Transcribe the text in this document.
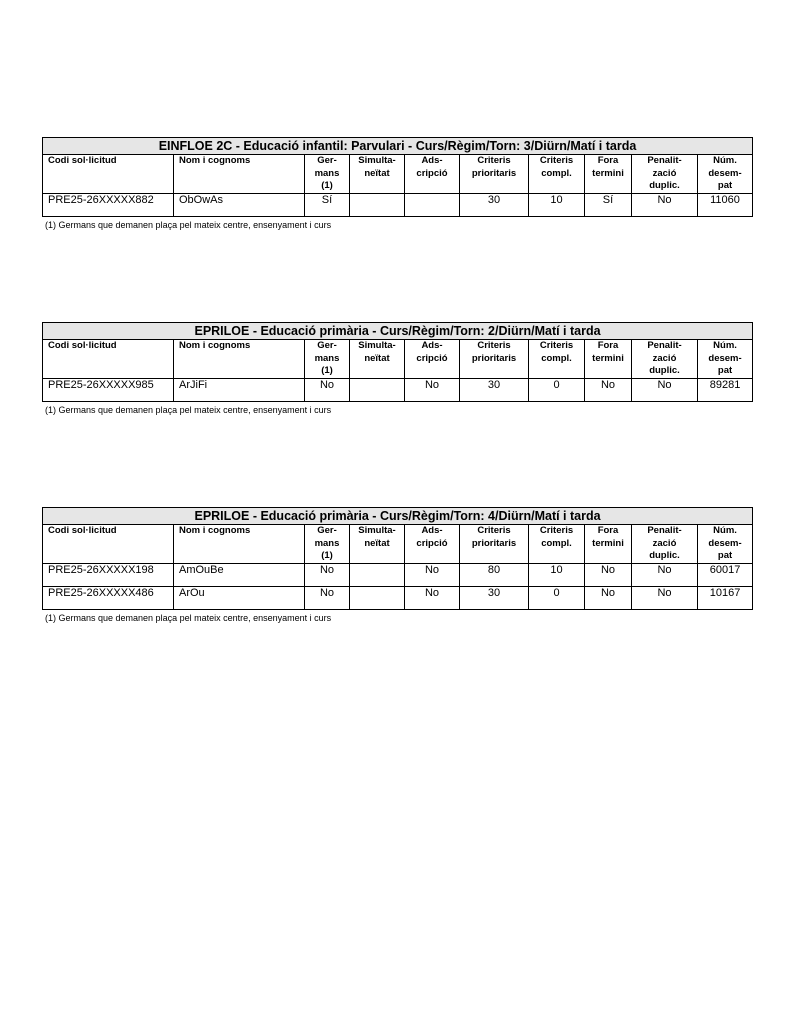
EINFLOE 2C - Educació infantil: Parvulari - Curs/Règim/Torn: 3/Diürn/Matí i tarda									
Codi sol·licitud	Nom i cognoms	Ger-
mans
(1)	Simulta-
neïtat	Ads-
cripció	Criteris
prioritaris	Criteris
compl.	Fora
termini	Penalit-
zació
duplic.	Núm.
desem-
pat
PRE25-26XXXXX882	ObOwAs	Sí			30	10	Sí	No	11060
(1) Germans que demanen plaça pel mateix centre, ensenyament i curs
EPRILOE - Educació primària - Curs/Règim/Torn: 2/Diürn/Matí i tarda									
Codi sol·licitud	Nom i cognoms	Ger-
mans
(1)	Simulta-
neïtat	Ads-
cripció	Criteris
prioritaris	Criteris
compl.	Fora
termini	Penalit-
zació
duplic.	Núm.
desem-
pat
PRE25-26XXXXX985	ArJiFi	No		No	30	0	No	No	89281
(1) Germans que demanen plaça pel mateix centre, ensenyament i curs
EPRILOE - Educació primària - Curs/Règim/Torn: 4/Diürn/Matí i tarda									
Codi sol·licitud	Nom i cognoms	Ger-
mans
(1)	Simulta-
neïtat	Ads-
cripció	Criteris
prioritaris	Criteris
compl.	Fora
termini	Penalit-
zació
duplic.	Núm.
desem-
pat
PRE25-26XXXXX198	AmOuBe	No		No	80	10	No	No	60017
PRE25-26XXXXX486	ArOu	No		No	30	0	No	No	10167
(1) Germans que demanen plaça pel mateix centre, ensenyament i curs
